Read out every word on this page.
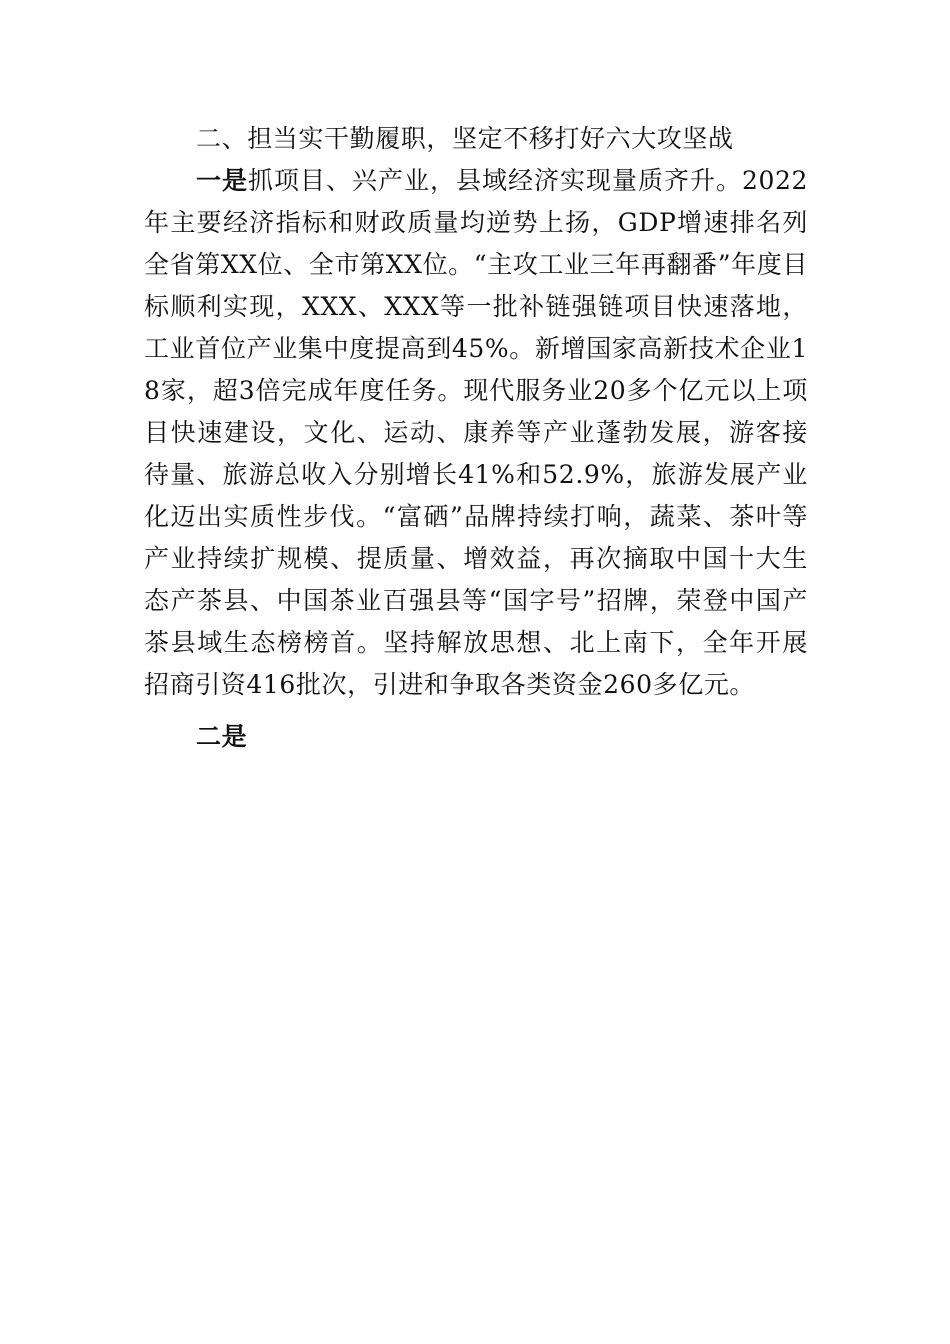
二、担当实干勤履职，坚定不移打好六大攻坚战

一是抓项目、兴产业，县域经济实现量质齐升。2022年主要经济指标和财政质量均逆势上扬，GDP增速排名列全省第XX位、全市第XX位。“主攻工业三年再翻番”年度目标顺利实现，XXX、XXX等一批补链强链项目快速落地，工业首位产业集中度提高到45%。新增国家高新技术企业18家，超3倍完成年度任务。现代服务业20多个亿元以上项目快速建设，文化、运动、康养等产业蓬勃发展，游客接待量、旅游总收入分别增长41%和52.9%，旅游发展产业化迈出实质性步伐。“富硒”品牌持续打响，蔬菜、茶叶等产业持续扩规模、提质量、增效益，再次摘取中国十大生态产茶县、中国茶业百强县等“国字号”招牌，荣登中国产茶县域生态榜榜首。坚持解放思想、北上南下，全年开展招商引资416批次，引进和争取各类资金260多亿元。

二是
